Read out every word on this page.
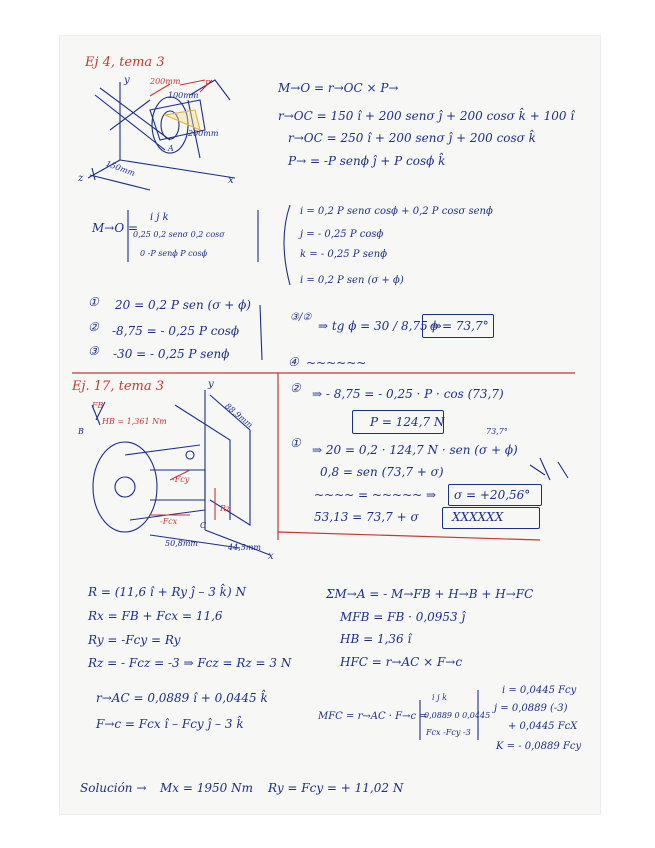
Ej 4, tema 3
y
x
z
200mm
100mm
150mm
200mm
P
A
M→O = r→OC × P→
r→OC = 150 î + 200 senσ ĵ + 200 cosσ k̂ + 100 î
r→OC = 250 î + 200 senσ ĵ + 200 cosσ k̂
P→ = -P senϕ ĵ + P cosϕ k̂
M→O =
i j k
0,25 0,2 senσ 0,2 cosσ
0 -P senϕ P cosϕ
i = 0,2 P senσ cosϕ + 0,2 P cosσ senϕ
j = - 0,25 P cosϕ
k = - 0,25 P senϕ
i = 0,2 P sen (σ + ϕ)
① 20 = 0,2 P sen (σ + ϕ)
② -8,75 = - 0,25 P cosϕ
③ -30 = - 0,25 P senϕ
③/②
⇒ tg ϕ = 30 / 8,75 ⇒
ϕ = 73,7°
④ ~~~~~~
② ⇒ - 8,75 = - 0,25 · P · cos (73,7)
P = 124,7 N
① ⇒ 20 = 0,2 · 124,7 N · sen (σ + ϕ)
73,7°
0,8 = sen (73,7 + σ)
~~~~ = ~~~~~ ⇒ σ = +20,56°
53,13 = 73,7 + σ	XXXXXX
Ej. 17, tema 3	y
x
FB
HB = 1,361 Nm
B
C
88,9mm
50,8mm	44,5mm
-Fcy
-Fcx
Rz
R = (11,6 î + Ry ĵ – 3 k̂) N
Rx = FB + Fcx = 11,6
Ry = -Fcy = Ry
Rz = - Fcz = -3 ⇒ Fcz = Rz = 3 N
r→AC = 0,0889 î + 0,0445 k̂
F→c = Fcx î – Fcy ĵ – 3 k̂
ΣM→A = - M→FB + H→B + H→FC
MFB = FB · 0,0953 ĵ
HB = 1,36 î
HFC = r→AC × F→c
MFC = r→AC · F→c =
i j k
0,0889 0 0,0445
Fcx -Fcy -3
i = 0,0445 Fcy
j = 0,0889 (-3)
+ 0,0445 FcX
K = - 0,0889 Fcy
Solución → Mx = 1950 Nm Ry = Fcy = + 11,02 N
